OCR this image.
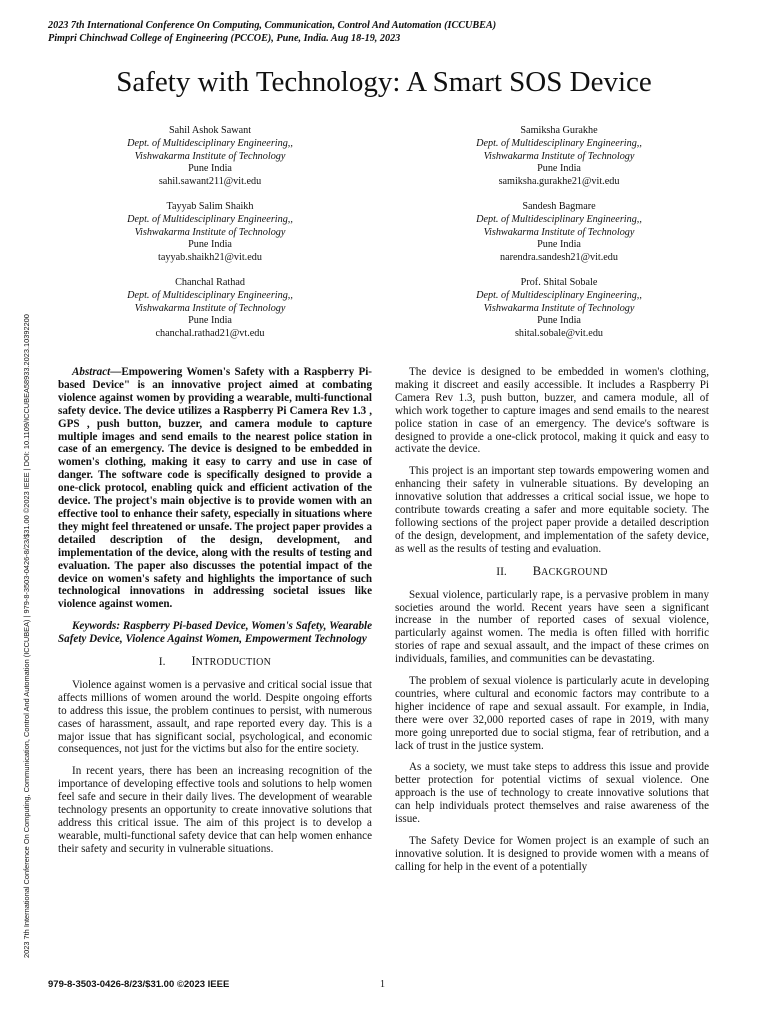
2023 7th International Conference On Computing, Communication, Control And Automation (ICCUBEA)
Pimpri Chinchwad College of Engineering (PCCOE), Pune, India. Aug 18-19, 2023
Safety with Technology: A Smart SOS Device
Sahil Ashok Sawant
Dept. of Multidesciplinary Engineering,,
Vishwakarma Institute of Technology
Pune India
sahil.sawant211@vit.edu
Samiksha Gurakhe
Dept. of Multidesciplinary Engineering,,
Vishwakarma Institute of Technology
Pune India
samiksha.gurakhe21@vit.edu
Tayyab Salim Shaikh
Dept. of Multidesciplinary Engineering,,
Vishwakarma Institute of Technology
Pune India
tayyab.shaikh21@vit.edu
Sandesh Bagmare
Dept. of Multidesciplinary Engineering,,
Vishwakarma Institute of Technology
Pune India
narendra.sandesh21@vit.edu
Chanchal Rathad
Dept. of Multidesciplinary Engineering,,
Vishwakarma Institute of Technology
Pune India
chanchal.rathad21@vt.edu
Prof. Shital Sobale
Dept. of Multidesciplinary Engineering,,
Vishwakarma Institute of Technology
Pune India
shital.sobale@vit.edu
2023 7th International Conference On Computing, Communication, Control And Automation (ICCUBEA) | 979-8-3503-0426-8/23/$31.00 ©2023 IEEE | DOI: 10.1109/ICCUBEA58933.2023.10392200	Abstract—Empowering Women's Safety with a Raspberry Pi-based Device" is an innovative project aimed at combating violence against women by providing a wearable, multi-functional safety device. The device utilizes a Raspberry Pi Camera Rev 1.3 , GPS , push button, buzzer, and camera module to capture multiple images and send emails to the nearest police station in case of an emergency. The device is designed to be embedded in women's clothing, making it easy to carry and use in case of danger. The software code is specifically designed to provide a one-click protocol, enabling quick and efficient activation of the device. The project's main objective is to provide women with an effective tool to enhance their safety, especially in situations where they might feel threatened or unsafe. The project paper provides a detailed description of the design, development, and implementation of the device, along with the results of testing and evaluation. The paper also discusses the potential impact of the device on women's safety and highlights the importance of such technological innovations in addressing societal issues like violence against women.

Keywords: Raspberry Pi-based Device, Women's Safety, Wearable Safety Device, Violence Against Women, Empowerment Technology

I. INTRODUCTION

Violence against women is a pervasive and critical social issue that affects millions of women around the world. Despite ongoing efforts to address this issue, the problem continues to persist, with numerous cases of harassment, assault, and rape reported every day. This is a major issue that has significant social, psychological, and economic consequences, not just for the victims but also for the entire society.

In recent years, there has been an increasing recognition of the importance of developing effective tools and solutions to help women feel safe and secure in their daily lives. The development of wearable technology presents an opportunity to create innovative solutions that address this critical issue. The aim of this project is to develop a wearable, multi-functional safety device that can help women enhance their safety and security in vulnerable situations.

The device is designed to be embedded in women's clothing, making it discreet and easily accessible. It includes a Raspberry Pi Camera Rev 1.3, push button, buzzer, and camera module, all of which work together to capture images and send emails to the nearest police station in case of an emergency. The device's software is designed to provide a one-click protocol, making it quick and easy to activate the device.

This project is an important step towards empowering women and enhancing their safety in vulnerable situations. By developing an innovative solution that addresses a critical social issue, we hope to contribute towards creating a safer and more equitable society. The following sections of the project paper provide a detailed description of the design, development, and implementation of the safety device, as well as the results of testing and evaluation.

II. BACKGROUND

Sexual violence, particularly rape, is a pervasive problem in many societies around the world. Recent years have seen a significant increase in the number of reported cases of sexual violence, particularly against women. The media is often filled with horrific stories of rape and sexual assault, and the impact of these crimes on individuals, families, and communities can be devastating.

The problem of sexual violence is particularly acute in developing countries, where cultural and economic factors may contribute to a higher incidence of rape and sexual assault. For example, in India, there were over 32,000 reported cases of rape in 2019, with many more going unreported due to social stigma, fear of retribution, and a lack of trust in the justice system.

As a society, we must take steps to address this issue and provide better protection for potential victims of sexual violence. One approach is the use of technology to create innovative solutions that can help individuals protect themselves and raise awareness of the issue.

The Safety Device for Women project is an example of such an innovative solution. It is designed to provide women with a means of calling for help in the event of a potentially

979-8-3503-0426-8/23/$31.00 ©2023 IEEE	1
